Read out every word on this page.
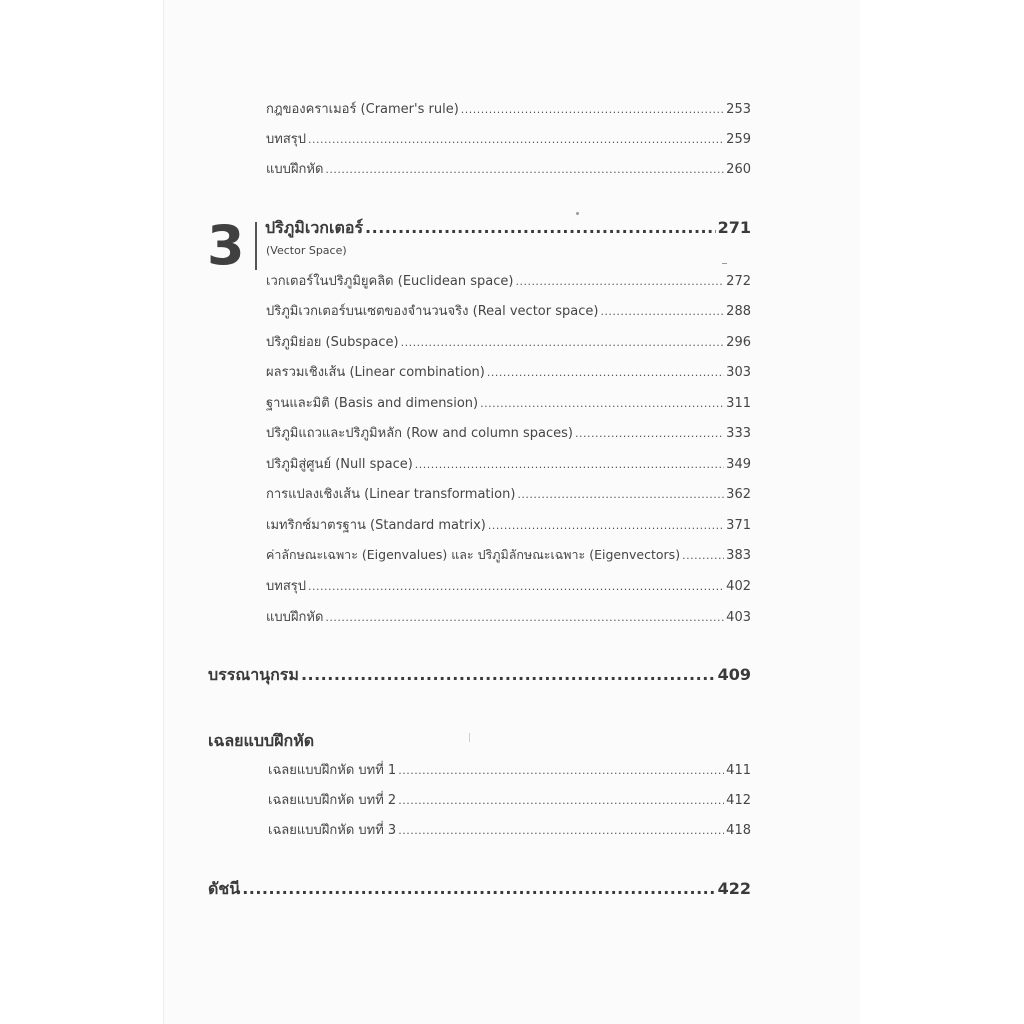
กฎของคราเมอร์ (Cramer's rule) .....	253
บทสรุป .....	259
แบบฝึกหัด .....	260
3 ปริภูมิเวกเตอร์ .....	271
(Vector Space)
เวกเตอร์ในปริภูมิยูคลิด (Euclidean space) .....	272
ปริภูมิเวกเตอร์บนเซตของจำนวนจริง (Real vector space) .....	288
ปริภูมิย่อย (Subspace) .....	296
ผลรวมเชิงเส้น (Linear combination) .....	303
ฐานและมิติ (Basis and dimension) .....	311
ปริภูมิแถวและปริภูมิหลัก (Row and column spaces) .....	333
ปริภูมิสู่ศูนย์ (Null space) .....	349
การแปลงเชิงเส้น (Linear transformation) .....	362
เมทริกซ์มาตรฐาน (Standard matrix) .....	371
ค่าลักษณะเฉพาะ (Eigenvalues) และ ปริภูมิลักษณะเฉพาะ (Eigenvectors) .....	383
บทสรุป .....	402
แบบฝึกหัด .....	403
บรรณานุกรม .....	409
เฉลยแบบฝึกหัด
เฉลยแบบฝึกหัด บทที่ 1 .....	411
เฉลยแบบฝึกหัด บทที่ 2 .....	412
เฉลยแบบฝึกหัด บทที่ 3 .....	418
ดัชนี .....	422
